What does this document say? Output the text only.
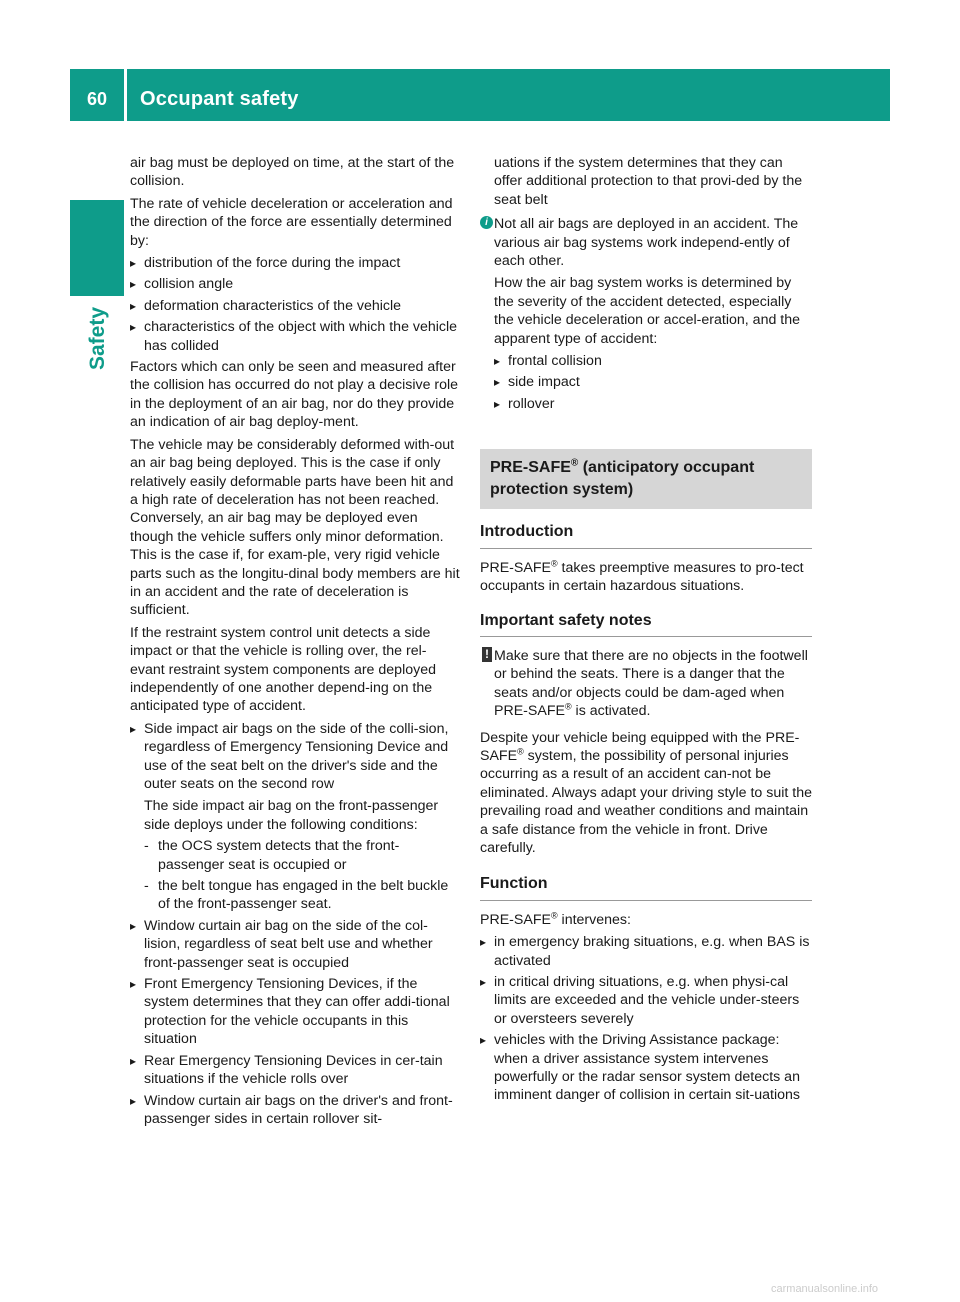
60	Occupant safety
Safety

air bag must be deployed on time, at the start of the collision.

The rate of vehicle deceleration or acceleration and the direction of the force are essentially determined by:

▸ distribution of the force during the impact
▸ collision angle
▸ deformation characteristics of the vehicle
▸ characteristics of the object with which the vehicle has collided

Factors which can only be seen and measured after the collision has occurred do not play a decisive role in the deployment of an air bag, nor do they provide an indication of air bag deploy-ment.

The vehicle may be considerably deformed with-out an air bag being deployed. This is the case if only relatively easily deformable parts have been hit and a high rate of deceleration has not been reached. Conversely, an air bag may be deployed even though the vehicle suffers only minor deformation. This is the case if, for exam-ple, very rigid vehicle parts such as the longitu-dinal body members are hit in an accident and the rate of deceleration is sufficient.

If the restraint system control unit detects a side impact or that the vehicle is rolling over, the rel-evant restraint system components are deployed independently of one another depend-ing on the anticipated type of accident.

▸ Side impact air bags on the side of the colli-sion, regardless of Emergency Tensioning Device and use of the seat belt on the driver's side and the outer seats on the second row
The side impact air bag on the front-passenger side deploys under the following conditions:
- the OCS system detects that the front-passenger seat is occupied or
- the belt tongue has engaged in the belt buckle of the front-passenger seat.
▸ Window curtain air bag on the side of the col-lision, regardless of seat belt use and whether front-passenger seat is occupied
▸ Front Emergency Tensioning Devices, if the system determines that they can offer addi-tional protection for the vehicle occupants in this situation
▸ Rear Emergency Tensioning Devices in cer-tain situations if the vehicle rolls over
▸ Window curtain air bags on the driver's and front-passenger sides in certain rollover sit-
uations if the system determines that they can offer additional protection to that provi-ded by the seat belt
i Not all air bags are deployed in an accident. The various air bag systems work independ-ently of each other.
How the air bag system works is determined by the severity of the accident detected, especially the vehicle deceleration or accel-eration, and the apparent type of accident:
▸ frontal collision
▸ side impact
▸ rollover
PRE-SAFE® (anticipatory occupant protection system)
Introduction

PRE-SAFE® takes preemptive measures to pro-tect occupants in certain hazardous situations.

Important safety notes
! Make sure that there are no objects in the footwell or behind the seats. There is a danger that the seats and/or objects could be dam-aged when PRE-SAFE® is activated.

Despite your vehicle being equipped with the PRE-SAFE® system, the possibility of personal injuries occurring as a result of an accident can-not be eliminated. Always adapt your driving style to suit the prevailing road and weather conditions and maintain a safe distance from the vehicle in front. Drive carefully.

Function

PRE-SAFE® intervenes:

▸ in emergency braking situations, e.g. when BAS is activated
▸ in critical driving situations, e.g. when physi-cal limits are exceeded and the vehicle under-steers or oversteers severely
▸ vehicles with the Driving Assistance package: when a driver assistance system intervenes powerfully or the radar sensor system detects an imminent danger of collision in certain sit-uations
carmanualsonline.info
